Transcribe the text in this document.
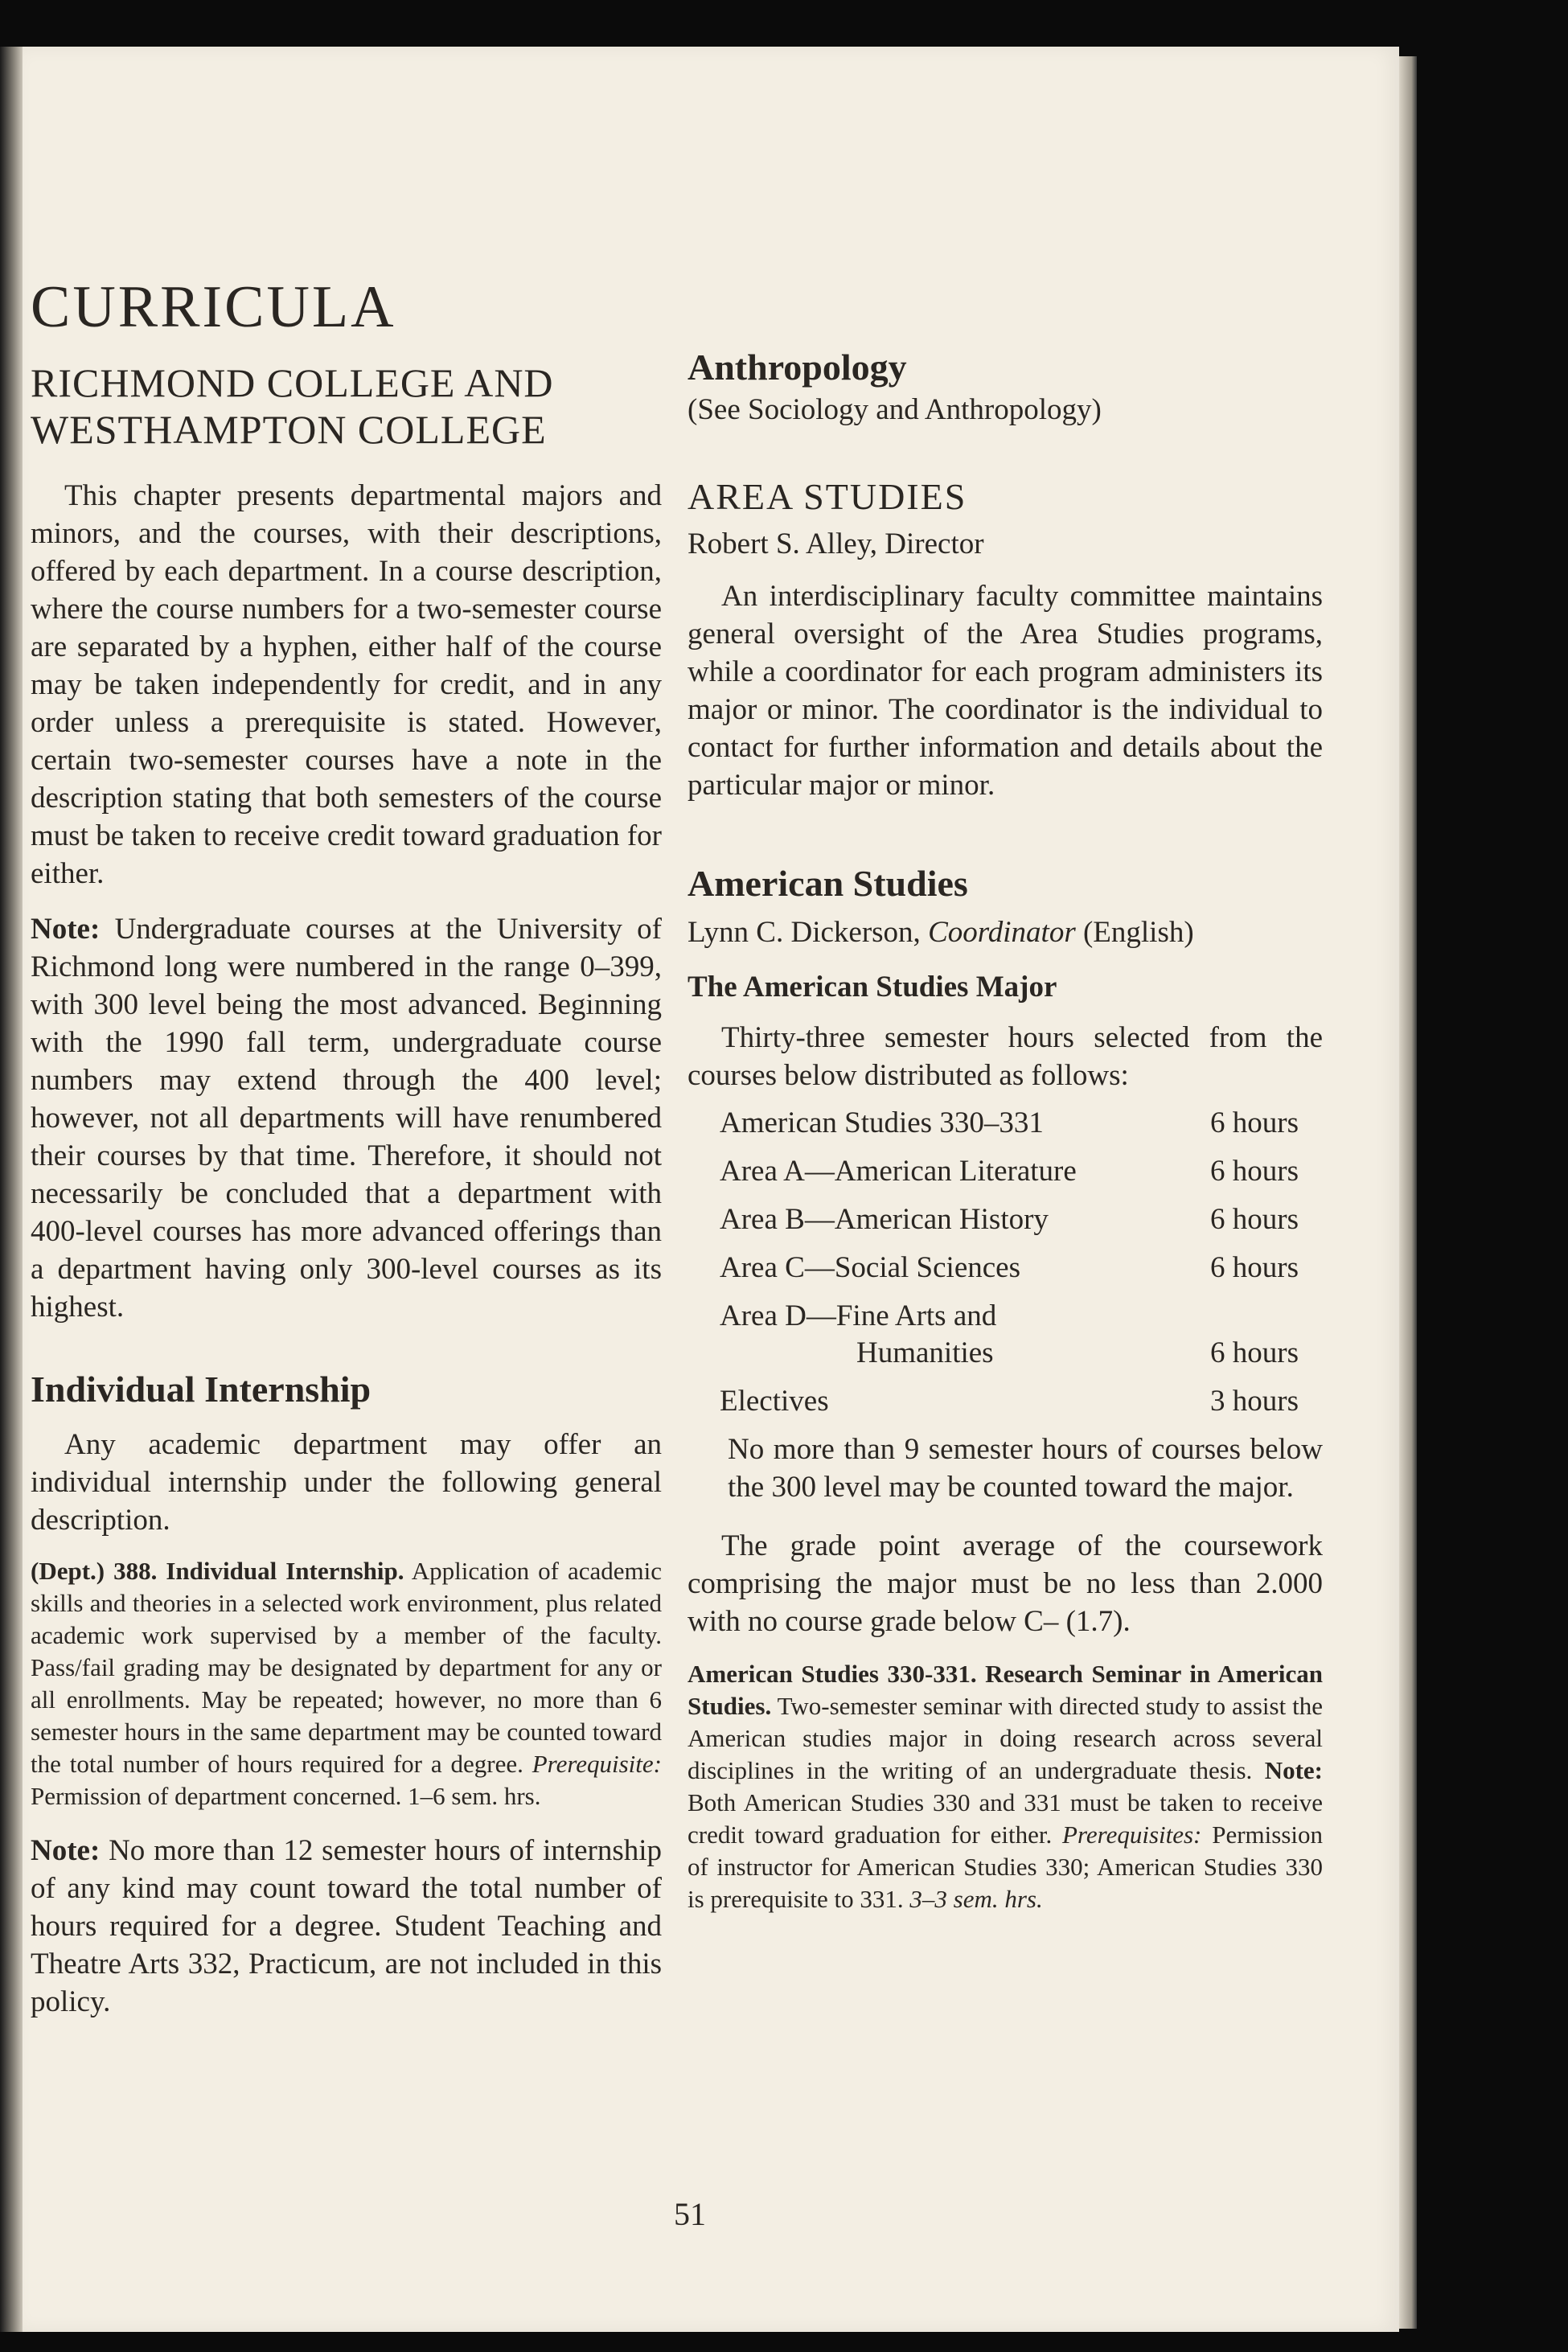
CURRICULA
RICHMOND COLLEGE AND
WESTHAMPTON COLLEGE

This chapter presents departmental majors and minors, and the courses, with their descriptions, offered by each department. In a course description, where the course numbers for a two-semester course are separated by a hyphen, either half of the course may be taken independently for credit, and in any order unless a prerequisite is stated. However, certain two-semester courses have a note in the description stating that both semesters of the course must be taken to receive credit toward graduation for either.

Note: Undergraduate courses at the University of Richmond long were numbered in the range 0–399, with 300 level being the most advanced. Beginning with the 1990 fall term, undergraduate course numbers may extend through the 400 level; however, not all departments will have renumbered their courses by that time. Therefore, it should not necessarily be concluded that a department with 400-level courses has more advanced offerings than a department having only 300-level courses as its highest.

Individual Internship

Any academic department may offer an individual internship under the following general description.

(Dept.) 388. Individual Internship. Application of academic skills and theories in a selected work environment, plus related academic work supervised by a member of the faculty. Pass/fail grading may be designated by department for any or all enrollments. May be repeated; however, no more than 6 semester hours in the same department may be counted toward the total number of hours required for a degree. Prerequisite: Permission of department concerned. 1–6 sem. hrs.

Note: No more than 12 semester hours of internship of any kind may count toward the total number of hours required for a degree. Student Teaching and Theatre Arts 332, Practicum, are not included in this policy.

Anthropology

(See Sociology and Anthropology)

AREA STUDIES

Robert S. Alley, Director

An interdisciplinary faculty committee maintains general oversight of the Area Studies programs, while a coordinator for each program administers its major or minor. The coordinator is the individual to contact for further information and details about the particular major or minor.

American Studies

Lynn C. Dickerson, Coordinator (English)

The American Studies Major

Thirty-three semester hours selected from the courses below distributed as follows:

American Studies 330–331	6 hours
Area A—American Literature	6 hours
Area B—American History	6 hours
Area C—Social Sciences	6 hours
Area D—Fine Arts and
Humanities	6 hours
Electives	3 hours

No more than 9 semester hours of courses below the 300 level may be counted toward the major.

The grade point average of the coursework comprising the major must be no less than 2.000 with no course grade below C– (1.7).

American Studies 330-331. Research Seminar in American Studies. Two-semester seminar with directed study to assist the American studies major in doing research across several disciplines in the writing of an undergraduate thesis. Note: Both American Studies 330 and 331 must be taken to receive credit toward graduation for either. Prerequisites: Permission of instructor for American Studies 330; American Studies 330 is prerequisite to 331. 3–3 sem. hrs.

51
